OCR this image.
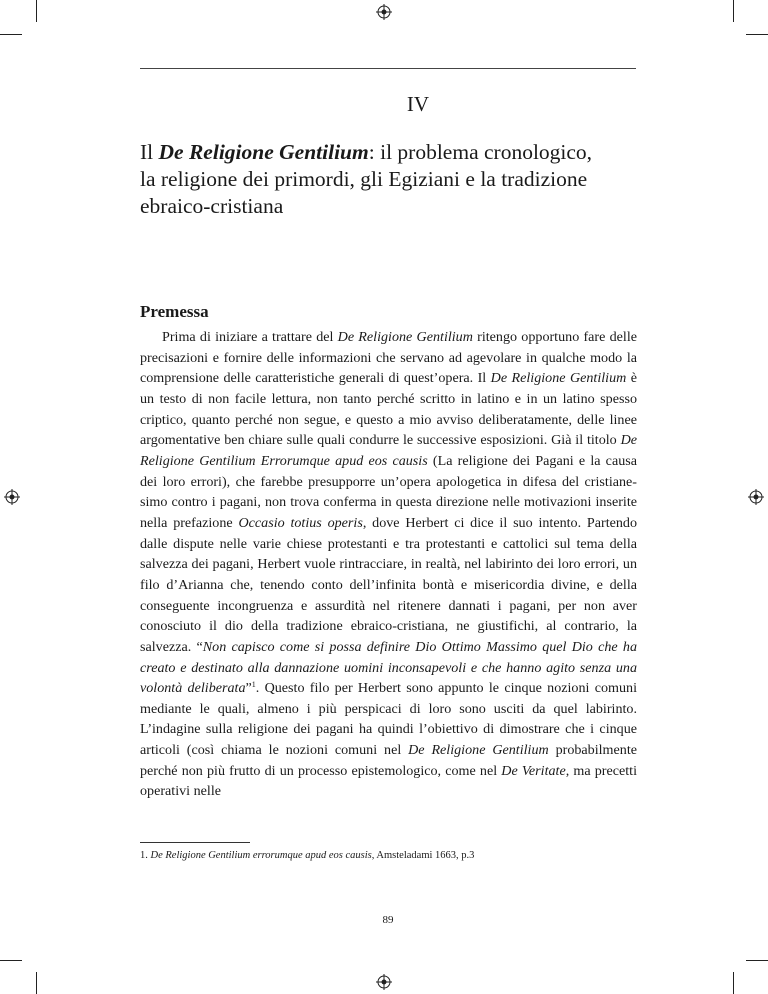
IV
Il De Religione Gentilium: il problema cronologico,
la religione dei primordi, gli Egiziani e la tradizione
ebraico-cristiana
Premessa

Prima di iniziare a trattare del De Religione Gentilium ritengo opportuno fare delle precisazioni e fornire delle informazioni che servano ad agevolare in qualche modo la comprensione delle caratteristiche generali di quest’opera. Il De Religione Gentilium è un testo di non facile lettura, non tanto perché scritto in latino e in un latino spesso criptico, quanto perché non segue, e questo a mio avviso deliberatamente, delle linee argomentative ben chiare sulle quali condurre le successive esposizioni. Già il titolo De Religione Gentilium Errorumque apud eos causis (La religione dei Pagani e la causa dei loro errori), che farebbe presupporre un’opera apologetica in difesa del cristianesimo contro i pagani, non trova conferma in questa direzione nelle motivazioni inserite nella prefazione Occasio totius operis, dove Herbert ci dice il suo intento. Partendo dalle dispute nelle varie chiese protestanti e tra protestanti e cattolici sul tema della salvezza dei pagani, Herbert vuole rintracciare, in realtà, nel labirinto dei loro errori, un filo d’Arianna che, tenendo conto dell’infinita bontà e misericordia divine, e della conseguente incongruenza e assurdità nel ritenere dannati i pagani, per non aver conosciuto il dio della tradizione ebraico-cristiana, ne giustifichi, al contrario, la salvezza. “Non capisco come si possa definire Dio Ottimo Massimo quel Dio che ha creato e destinato alla dannazione uomini inconsapevoli e che hanno agito senza una volontà deliberata”$^1$. Questo filo per Herbert sono appunto le cinque nozioni comuni mediante le quali, almeno i più perspicaci di loro sono usciti da quel labirinto. L’indagine sulla religione dei pagani ha quindi l’obiettivo di dimostrare che i cinque articoli (così chiama le nozioni comuni nel De Religione Gentilium probabilmente perché non più frutto di un processo epistemologico, come nel De Veritate, ma precetti operativi nelle

1. De Religione Gentilium errorumque apud eos causis, Amsteladami 1663, p.3

89
